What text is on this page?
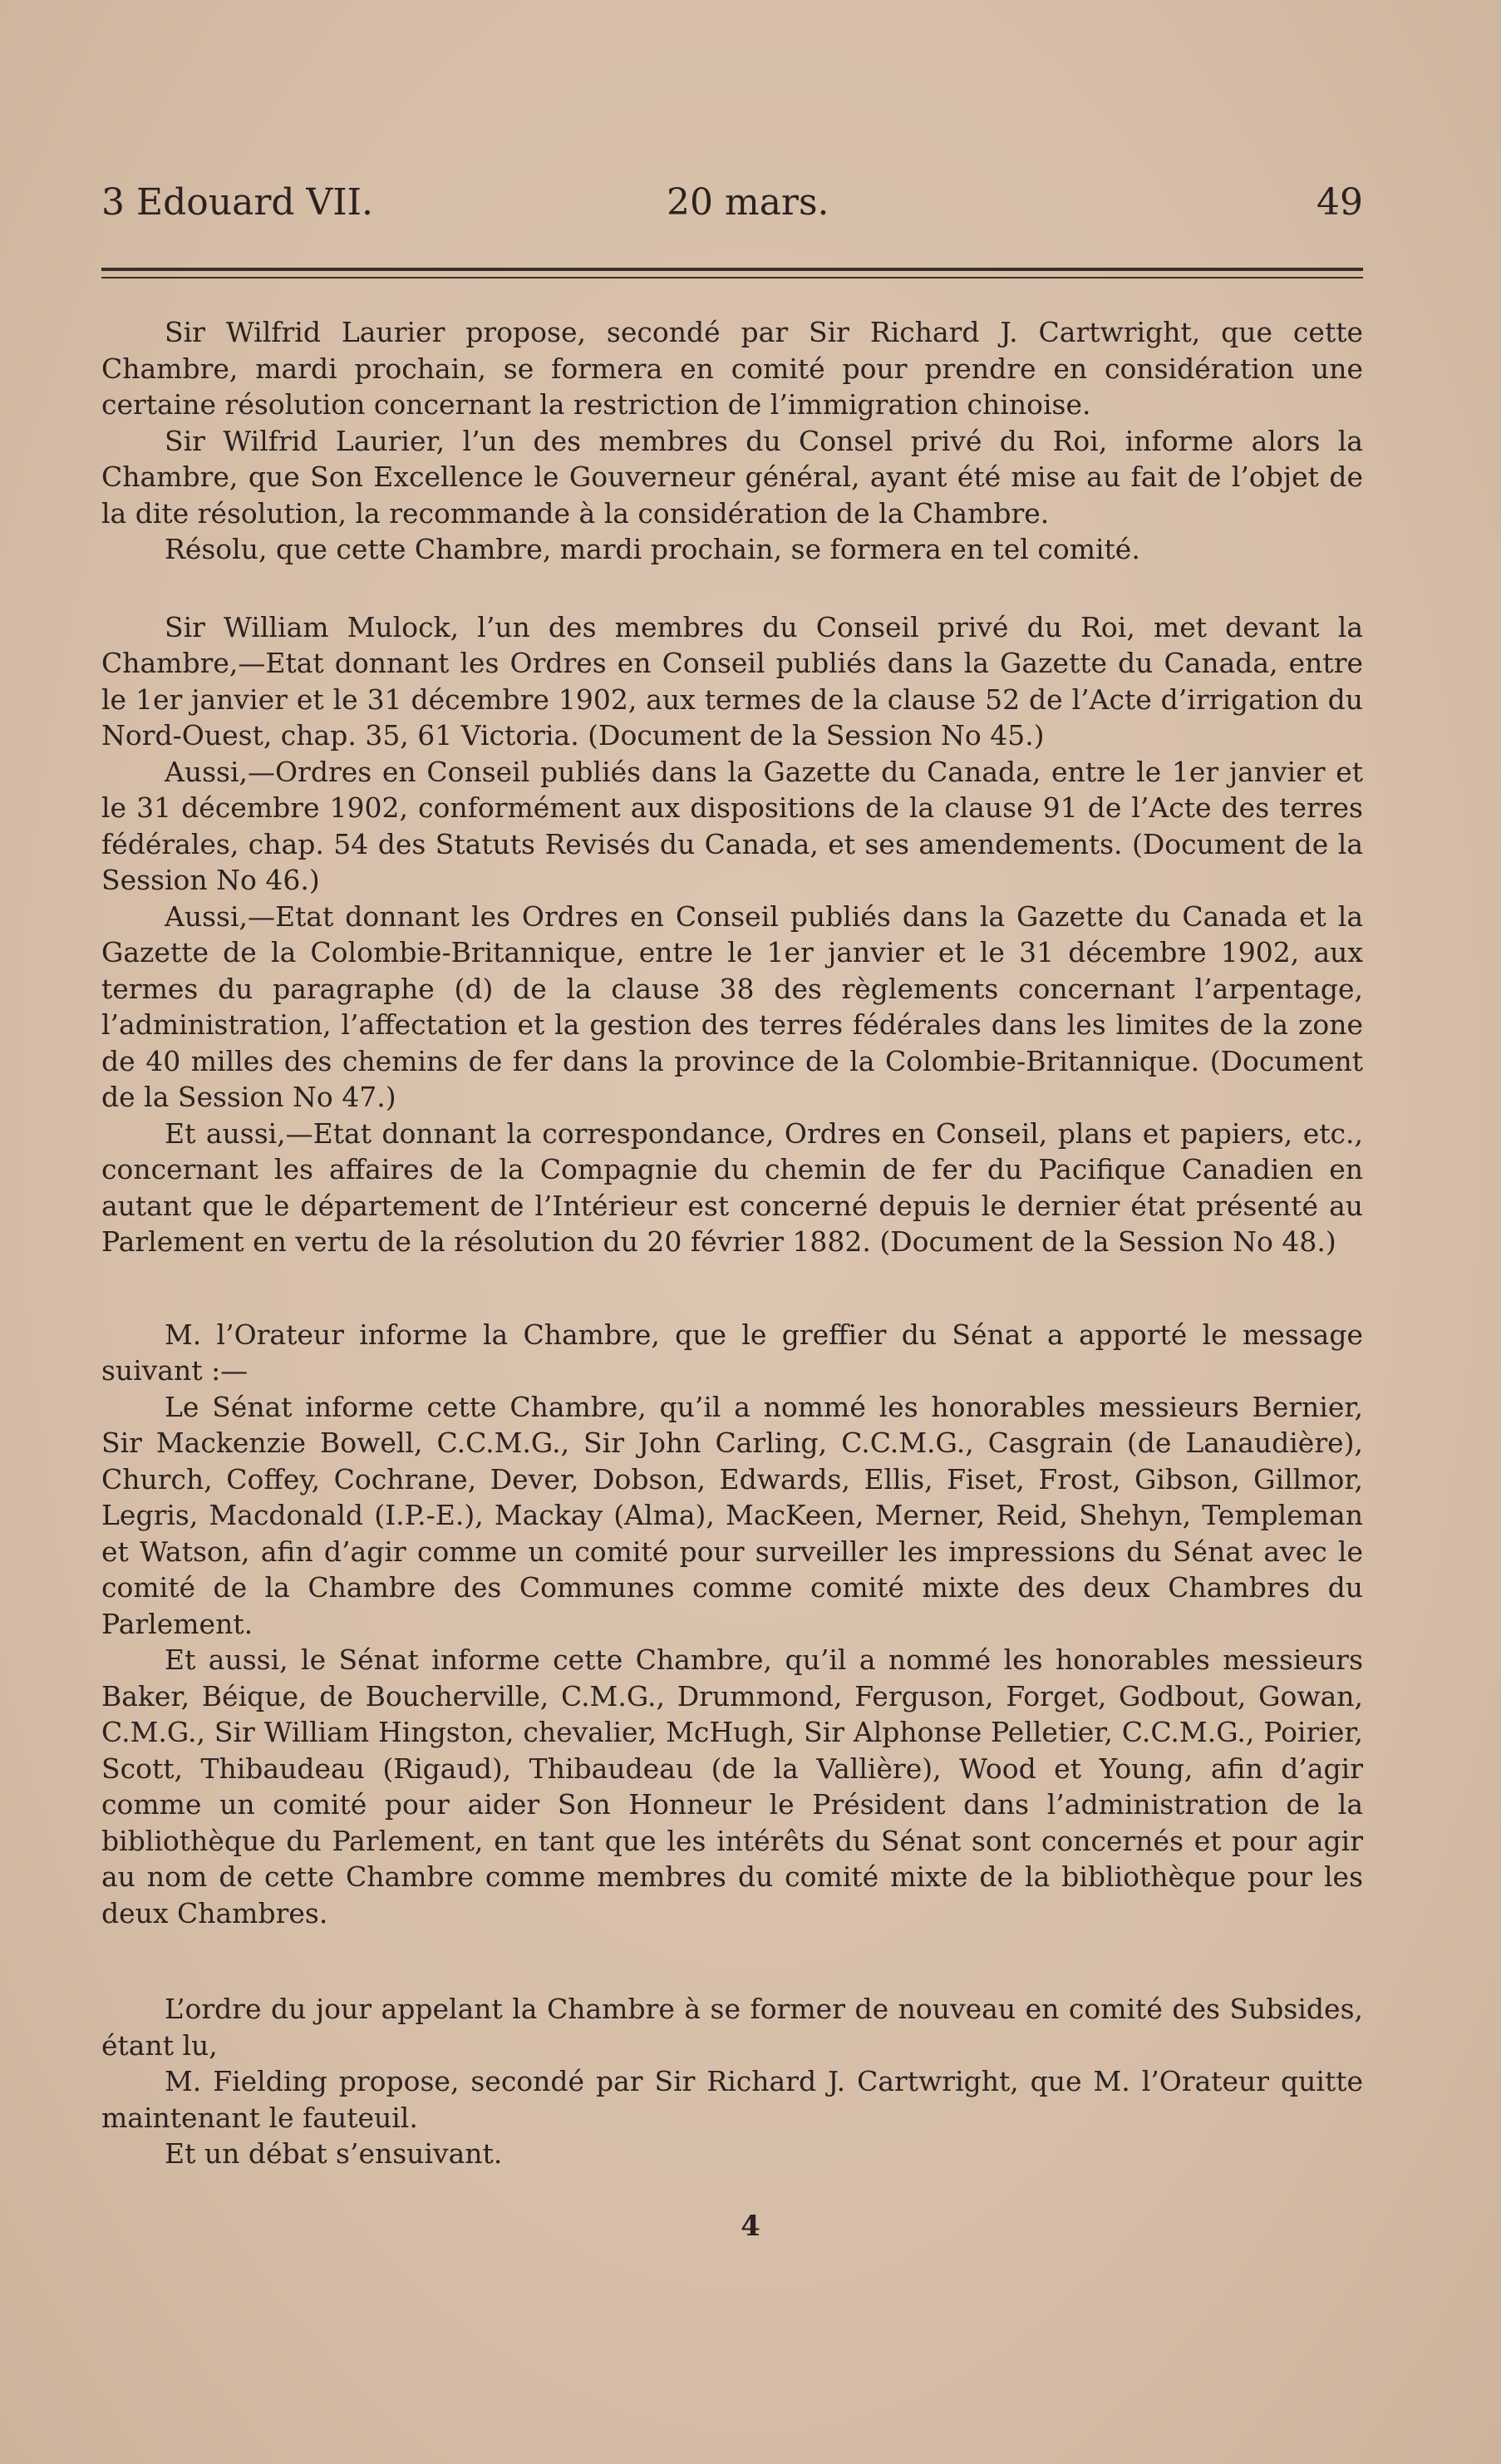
3 Edouard VII.	20 mars.	49

Sir Wilfrid Laurier propose, secondé par Sir Richard J. Cartwright, que cette Chambre, mardi prochain, se formera en comité pour prendre en considération une certaine résolution concernant la restriction de l’immigration chinoise.

Sir Wilfrid Laurier, l’un des membres du Consel privé du Roi, informe alors la Chambre, que Son Excellence le Gouverneur général, ayant été mise au fait de l’objet de la dite résolution, la recommande à la considération de la Chambre.

Résolu, que cette Chambre, mardi prochain, se formera en tel comité.

Sir William Mulock, l’un des membres du Conseil privé du Roi, met devant la Chambre,—Etat donnant les Ordres en Conseil publiés dans la Gazette du Canada, entre le 1er janvier et le 31 décembre 1902, aux termes de la clause 52 de l’Acte d’irrigation du Nord-Ouest, chap. 35, 61 Victoria. (Document de la Session No 45.)

Aussi,—Ordres en Conseil publiés dans la Gazette du Canada, entre le 1er janvier et le 31 décembre 1902, conformément aux dispositions de la clause 91 de l’Acte des terres fédérales, chap. 54 des Statuts Revisés du Canada, et ses amendements. (Document de la Session No 46.)

Aussi,—Etat donnant les Ordres en Conseil publiés dans la Gazette du Canada et la Gazette de la Colombie-Britannique, entre le 1er janvier et le 31 décembre 1902, aux termes du paragraphe (d) de la clause 38 des règlements concernant l’arpentage, l’administration, l’affectation et la gestion des terres fédérales dans les limites de la zone de 40 milles des chemins de fer dans la province de la Colombie-Britannique. (Document de la Session No 47.)

Et aussi,—Etat donnant la correspondance, Ordres en Conseil, plans et papiers, etc., concernant les affaires de la Compagnie du chemin de fer du Pacifique Canadien en autant que le département de l’Intérieur est concerné depuis le dernier état présenté au Parlement en vertu de la résolution du 20 février 1882. (Document de la Session No 48.)

M. l’Orateur informe la Chambre, que le greffier du Sénat a apporté le message suivant :—

Le Sénat informe cette Chambre, qu’il a nommé les honorables messieurs Bernier, Sir Mackenzie Bowell, C.C.M.G., Sir John Carling, C.C.M.G., Casgrain (de Lanaudière), Church, Coffey, Cochrane, Dever, Dobson, Edwards, Ellis, Fiset, Frost, Gibson, Gillmor, Legris, Macdonald (I.P.-E.), Mackay (Alma), MacKeen, Merner, Reid, Shehyn, Templeman et Watson, afin d’agir comme un comité pour surveiller les impressions du Sénat avec le comité de la Chambre des Communes comme comité mixte des deux Chambres du Parlement.

Et aussi, le Sénat informe cette Chambre, qu’il a nommé les honorables messieurs Baker, Béique, de Boucherville, C.M.G., Drummond, Ferguson, Forget, Godbout, Gowan, C.M.G., Sir William Hingston, chevalier, McHugh, Sir Alphonse Pelletier, C.C.M.G., Poirier, Scott, Thibaudeau (Rigaud), Thibaudeau (de la Vallière), Wood et Young, afin d’agir comme un comité pour aider Son Honneur le Président dans l’administration de la bibliothèque du Parlement, en tant que les intérêts du Sénat sont concernés et pour agir au nom de cette Chambre comme membres du comité mixte de la bibliothèque pour les deux Chambres.

L’ordre du jour appelant la Chambre à se former de nouveau en comité des Subsides, étant lu,

M. Fielding propose, secondé par Sir Richard J. Cartwright, que M. l’Orateur quitte maintenant le fauteuil.

Et un débat s’ensuivant.

4
